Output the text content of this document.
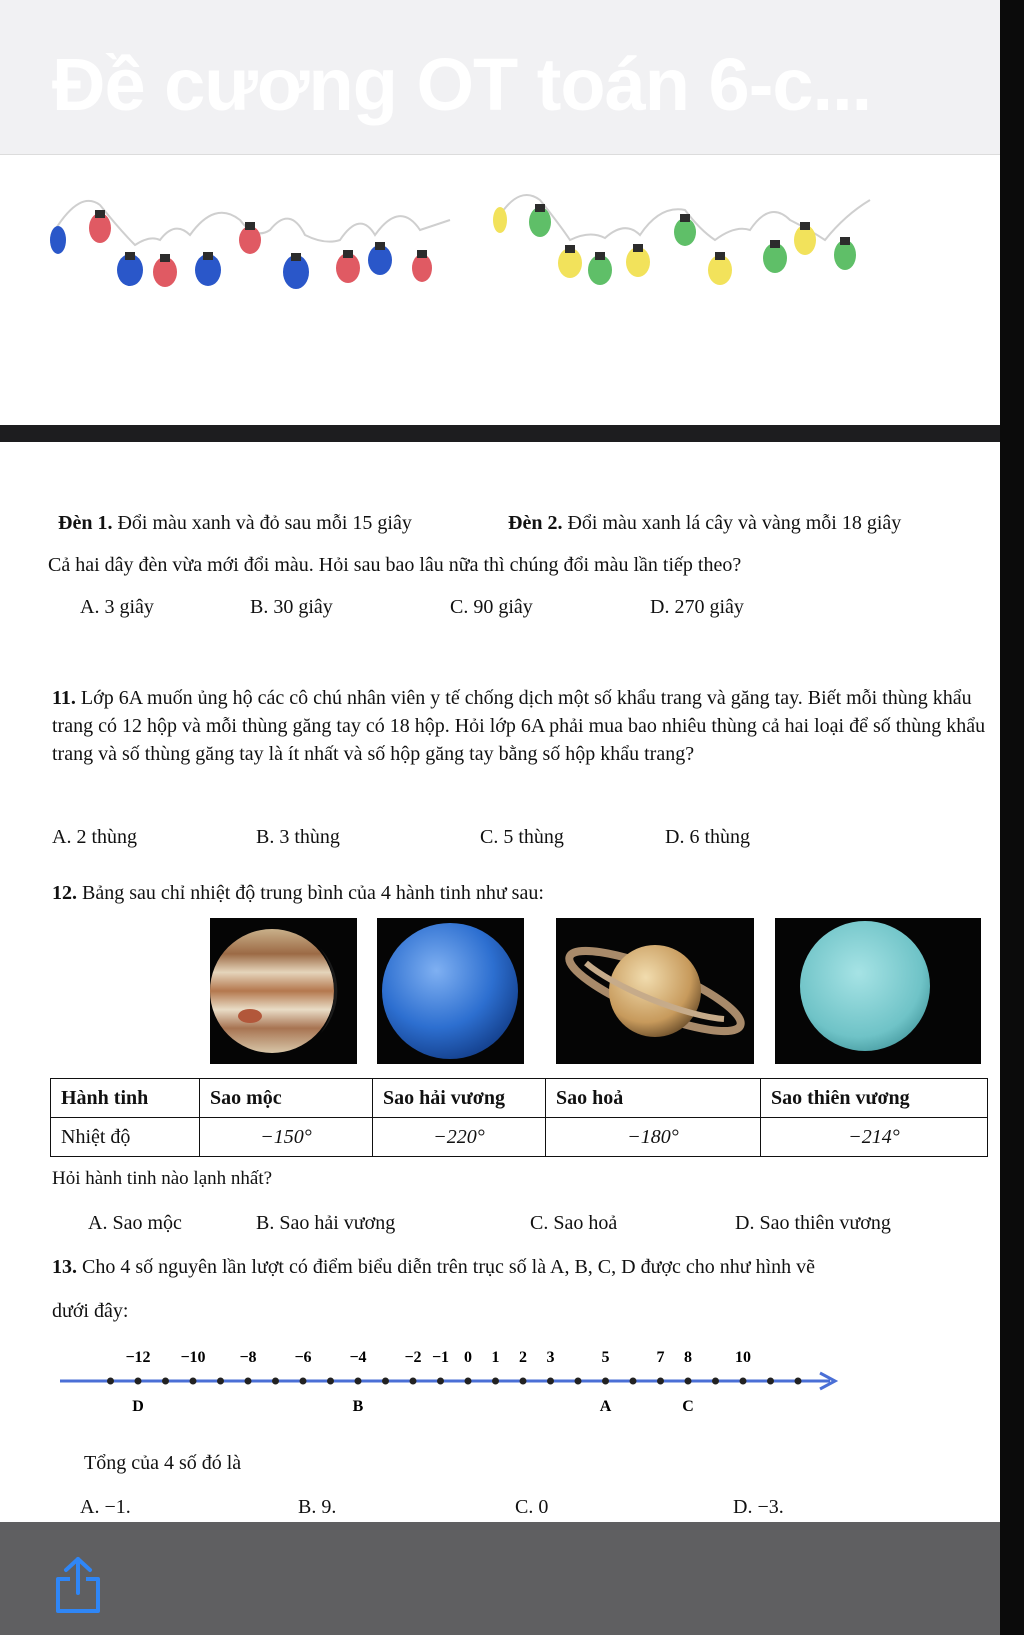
Đề cương OT toán 6-c...
Đèn 1. Đổi màu xanh và đỏ sau mỗi 15 giây	Đèn 2. Đổi màu xanh lá cây và vàng mỗi 18 giây
Cả hai dây đèn vừa mới đổi màu. Hỏi sau bao lâu nữa thì chúng đổi màu lần tiếp theo?
A. 3 giây	B. 30 giây	C. 90 giây	D. 270 giây
11. Lớp 6A muốn ủng hộ các cô chú nhân viên y tế chống dịch một số khẩu trang và găng tay. Biết mỗi thùng khẩu trang có 12 hộp và mỗi thùng găng tay có 18 hộp. Hỏi lớp 6A phải mua bao nhiêu thùng cả hai loại để số thùng khẩu trang và số thùng găng tay là ít nhất và số hộp găng tay bằng số hộp khẩu trang?
A. 2 thùng	B. 3 thùng	C. 5 thùng	D. 6 thùng
12. Bảng sau chỉ nhiệt độ trung bình của 4 hành tinh như sau:
Hành tinh	Sao mộc	Sao hải vương	Sao hoả	Sao thiên vương
Nhiệt độ	−150°	−220°	−180°	−214°
Hỏi hành tinh nào lạnh nhất?
A. Sao mộc	B. Sao hải vương	C. Sao hoả	D. Sao thiên vương
13. Cho 4 số nguyên lần lượt có điểm biểu diễn trên trục số là A, B, C, D được cho như hình vẽ
dưới đây:
−12 −10 −8 −6 −4 −2 −1 0 1 2 3	5	7 8	10
D	B	A	C
Tổng của 4 số đó là
A. −1.	B. 9.	C. 0	D. −3.
